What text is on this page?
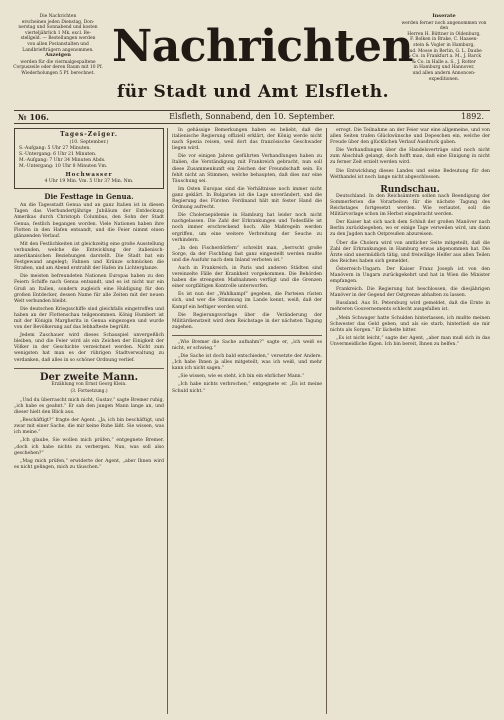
Die Nachrichten
erscheinen jeden Dienstag, Don-
nerstag und Sonnabend und kosten
vierteljährlich 1 Mk. excl. Be-
stellgeld. — Bestellungen werden
von allen Postanstalten und
Landbriefträgern angenommen.
Anzeigen
werden für die viermalgespaltene
Corpuszeile oder deren Raum mit 10 Pf.
Wiederholungen 5 Pf. berechnet.
Nachrichten
für Stadt und Amt Elsfleth.
Inserate
werden ferner noch angenommen von den
Herren H. Büttner in Oldenburg,
F. Bolken in Brake, C. Haasen-
stein & Vogler in Hamburg,
Rud. Mosse in Berlin, G. L. Daube
& Co. in Frankfurt a. M., J. Barck
& Co. in Halle a. S., J. Rotter
in Hamburg und Hannover,
und allen andern Annoncen-
expeditionen.
Elsfleth, Sonnabend, den 10. September.
№ 106.	1892.
Tages-Zeiger.
(10. September.)
S.-Aufgang: 5 Uhr 27 Minuten.
S.-Untergang: 6 Uhr 21 Minuten.
M.-Aufgang: 7 Uhr 34 Minuten Abds.
M.-Untergang: 10 Uhr 8 Minuten Vm.
Hochwasser
4 Uhr 19 Min. Vm. 5 Uhr 37 Min. Nm.
Die Festtage in Genua.

An die Tagesstadt Genua und an ganz Italien ist in diesen Tagen das Vierhundertjährige Jubiläum der Entdeckung Amerikas durch Christoph Columbus, den Sohn der Stadt Genua, festlich begangen worden. Viele Nationen haben ihre Flotten in den Hafen entsandt, und die Feier nimmt einen glänzenden Verlauf.

Mit den Festlichkeiten ist gleichzeitig eine große Ausstellung verbunden, welche die Entwicklung der italienisch-amerikanischen Beziehungen darstellt. Die Stadt hat ein Festgewand angelegt; Fahnen und Kränze schmücken die Straßen, und am Abend erstrahlt der Hafen im Lichterglanze.

Die meisten befreundeten Nationen Europas haben zu den Feiern Schiffe nach Genua entsandt, und es ist nicht nur ein Gruß an Italien, sondern zugleich eine Huldigung für den großen Entdecker, dessen Name für alle Zeiten mit der neuen Welt verbunden bleibt.

Die deutschen Kriegsschiffe sind gleichfalls eingetroffen und haben an der Flottenschau teilgenommen. König Humbert ist mit der Königin Margherita in Genua eingezogen und wurde von der Bevölkerung auf das lebhafteste begrüßt.

Jedem Zuschauer wird dieses Schauspiel unvergeßlich bleiben, und die Feier wird als ein Zeichen der Einigkeit der Völker in der Geschichte verzeichnet werden. Nicht zum wenigsten hat man es der rührigen Stadtverwaltung zu verdanken, daß alles in so schöner Ordnung verlief.

Der zweite Mann.
Erzählung von Ernst Georg Klein.
(3. Fortsetzung.)

„Und du überrascht mich nicht, Gustav,“ sagte Bremer ruhig, „ich habe es geahnt.“ Er sah den jungen Mann lange an, und dieser hielt den Blick aus.

„Beschäftigt?“ fragte der Agent. „Ja, ich bin beschäftigt, und zwar mit einer Sache, die mir keine Ruhe läßt. Sie wissen, was ich meine.“

„Ich glaube, Sie wollen mich prüfen,“ entgegnete Bremer, „doch ich habe nichts zu verbergen. Nun, was soll also geschehen?“

„Mag mich prüfen,“ erwiderte der Agent, „aber Ihnen wird es nicht gelingen, mich zu täuschen.“

In gehässige Bemerkungen haben es beliebt, daß die italienische Regierung offiziell erklärt, der König werde nicht nach Spezia reisen, weil dort das französische Geschwader liegen wird.

Die vor einigen Jahren geführten Verhandlungen haben zu Italien, die Verständigung mit Frankreich gebracht, nun soll diese Zusammenkunft ein Zeichen der Freundschaft sein. Es fehlt nicht an Stimmen, welche behaupten, daß dies nur eine Täuschung sei.

Im Osten Europas sind die Verhältnisse noch immer nicht ganz geklärt. In Bulgarien ist die Lage unverändert, und die Regierung des Fürsten Ferdinand hält mit fester Hand die Ordnung aufrecht.

Die Choleraepidemie in Hamburg hat leider noch nicht nachgelassen. Die Zahl der Erkrankungen und Todesfälle ist noch immer erschreckend hoch. Alle Maßregeln werden ergriffen, um eine weitere Verbreitung der Seuche zu verhindern.

„In den Fischerdörfern“ schreibt man, „herrscht große Sorge, da der Fischfang fast ganz eingestellt werden mußte und die Ausfuhr nach dem Inland verboten ist.“

Auch in Frankreich, in Paris und anderen Städten sind vereinzelte Fälle der Krankheit vorgekommen. Die Behörden haben die strengsten Maßnahmen verfügt und die Grenzen einer sorgfältigen Kontrolle unterworfen.

Es ist nun der „Wahlkampf“ gegeben, die Parteien rüsten sich, und wer die Stimmung im Lande kennt, weiß, daß der Kampf ein heftiger werden wird.

Die Regierungsvorlage über die Veränderung der Militärdienstzeit wird dem Reichstage in der nächsten Tagung zugehen.

„Wie Bremer die Sache aufnahm?“ sagte er, „ich weiß es nicht, er schwieg.“

„Die Sache ist doch bald entschieden,“ versetzte der Andere. „Ich habe Ihnen ja alles mitgeteilt, was ich weiß, und mehr kann ich nicht sagen.“

„Sie wissen, wie es steht, ich bin ein ehrlicher Mann.“

„Ich habe nichts verbrochen,“ entgegnete er. „Es ist meine Schuld nicht.“

erregt. Die Teilnahme an der Feier war eine allgemeine, und von allen Seiten trafen Glückwünsche und Depeschen ein, welche der Freude über den glücklichen Verlauf Ausdruck gaben.

Die Verhandlungen über die Handelsverträge sind noch nicht zum Abschluß gelangt, doch hofft man, daß eine Einigung in nicht zu ferner Zeit erzielt werden wird.

Die Entwicklung dieses Landes und seine Bedeutung für den Welthandel ist noch lange nicht abgeschlossen.

Rundschau.

Deutschland. In den Reichsämtern sollen nach Beendigung der Sommerferien die Vorarbeiten für die nächste Tagung des Reichstages fortgesetzt werden. Wie verlautet, soll die Militärvorlage schon im Herbst eingebracht werden.

Der Kaiser hat sich nach dem Schluß der großen Manöver nach Berlin zurückbegeben, wo er einige Tage verweilen wird, um dann zu den Jagden nach Ostpreußen abzureisen.

Über die Cholera wird von amtlicher Seite mitgeteilt, daß die Zahl der Erkrankungen in Hamburg etwas abgenommen hat. Die Ärzte sind unermüdlich tätig, und freiwillige Helfer aus allen Teilen des Reiches haben sich gemeldet.

Österreich-Ungarn. Der Kaiser Franz Joseph ist von den Manövern in Ungarn zurückgekehrt und hat in Wien die Minister empfangen.

Frankreich. Die Regierung hat beschlossen, die diesjährigen Manöver in der Gegend der Ostgrenze abhalten zu lassen.

Russland. Aus St. Petersburg wird gemeldet, daß die Ernte in mehreren Gouvernements schlecht ausgefallen ist.

„Mein Schwager hatte Schulden hinterlassen, ich mußte meinen Schwester das Geld geben, und als sie starb, hinterließ sie mir nichts als Sorgen.“ Er lächelte bitter.

„Es ist nicht leicht,“ sagte der Agent, „aber man muß sich in das Unvermeidliche fügen. Ich bin bereit, Ihnen zu helfen.“
